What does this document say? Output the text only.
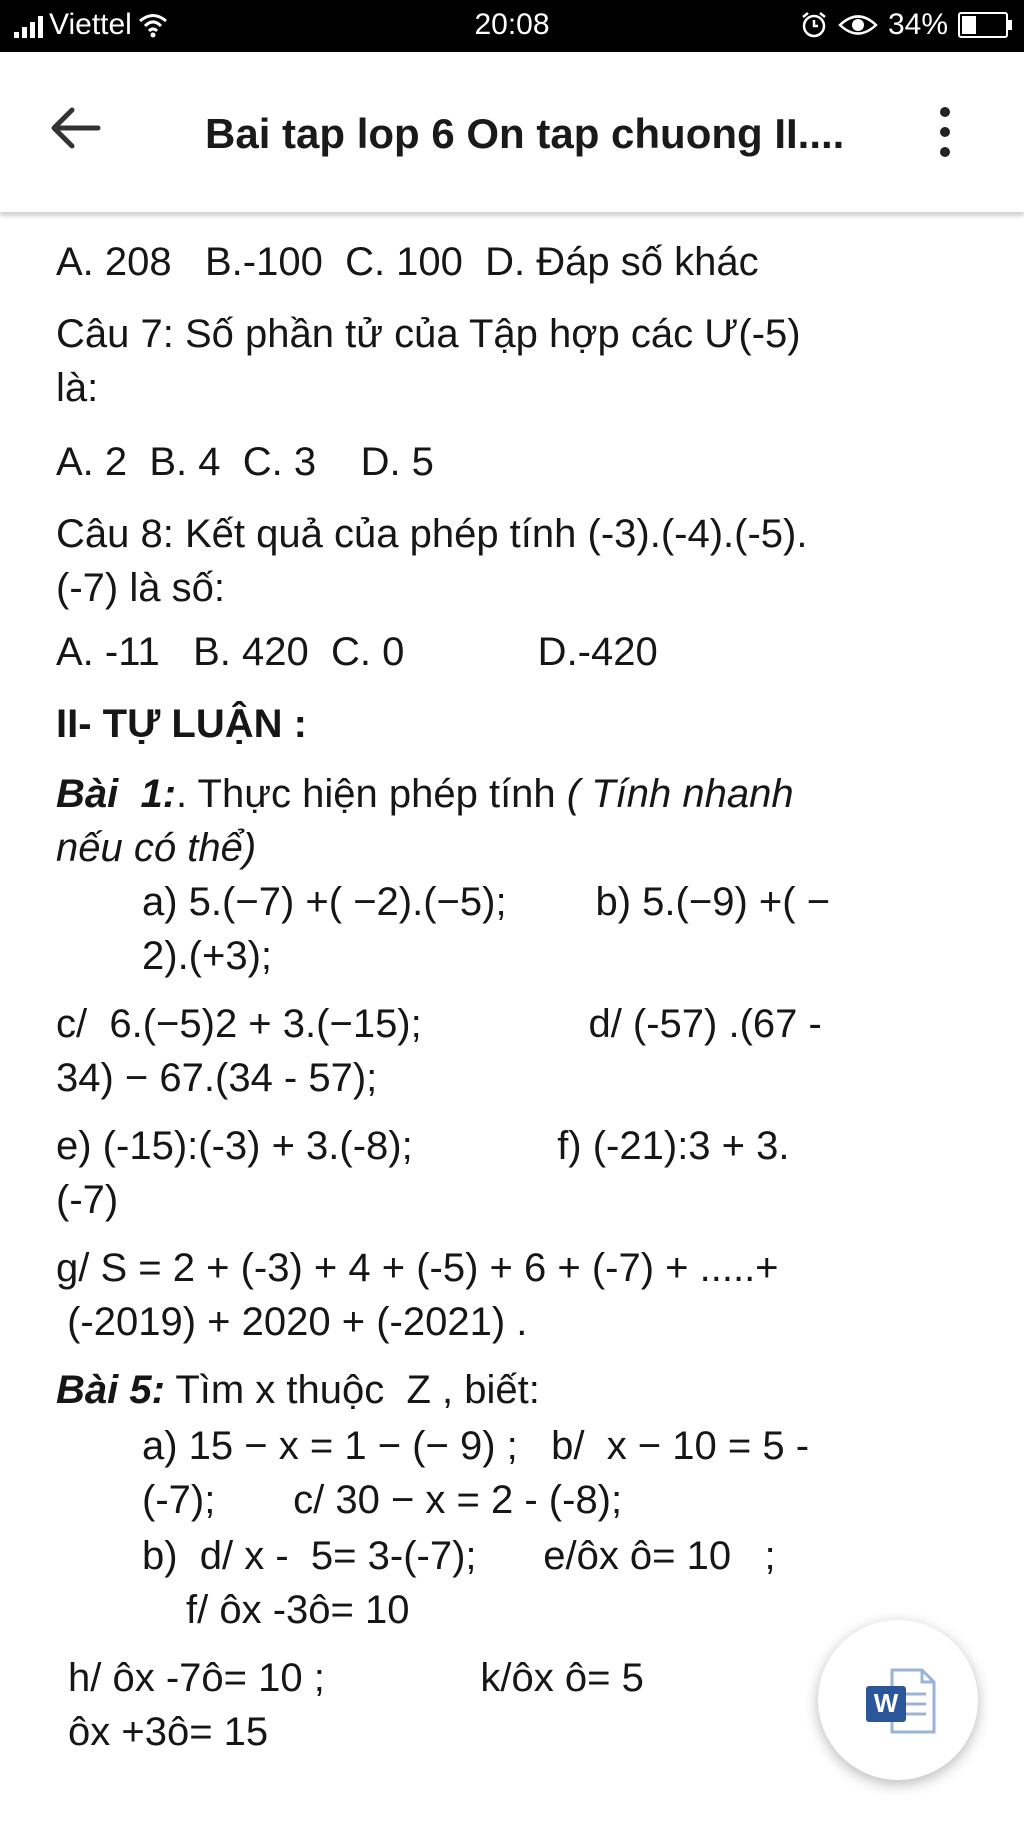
Viettel	20:08	34%
Bai tap lop 6 On tap chuong II....
A. 208   B.-100  C. 100  D. Đáp số khác
Câu 7: Số phần tử của Tập hợp các Ư(-5)
là:
A. 2  B. 4  C. 3    D. 5
Câu 8: Kết quả của phép tính (-3).(-4).(-5).
(-7) là số:
A. -11   B. 420  C. 0            D.-420
II- TỰ LUẬN :
Bài  1:. Thực hiện phép tính ( Tính nhanh
nếu có thể)
a) 5.(−7) +( −2).(−5);        b) 5.(−9) +( −
2).(+3);
c/  6.(−5)2 + 3.(−15);               d/ (-57) .(67 -
34) − 67.(34 - 57);
e) (-15):(-3) + 3.(-8);             f) (-21):3 + 3.
(-7)
g/ S = 2 + (-3) + 4 + (-5) + 6 + (-7) + .....+
(-2019) + 2020 + (-2021) .
Bài 5: Tìm x thuộc  Z , biết:
a) 15 − x = 1 − (− 9) ;   b/  x − 10 = 5 -
(-7);       c/ 30 − x = 2 - (-8);
b)  d/ x -  5= 3-(-7);      e/ôx ô= 10   ;
f/ ôx -3ô= 10
h/ ôx -7ô= 10 ;              k/ôx ô= 5
ôx +3ô= 15
W
